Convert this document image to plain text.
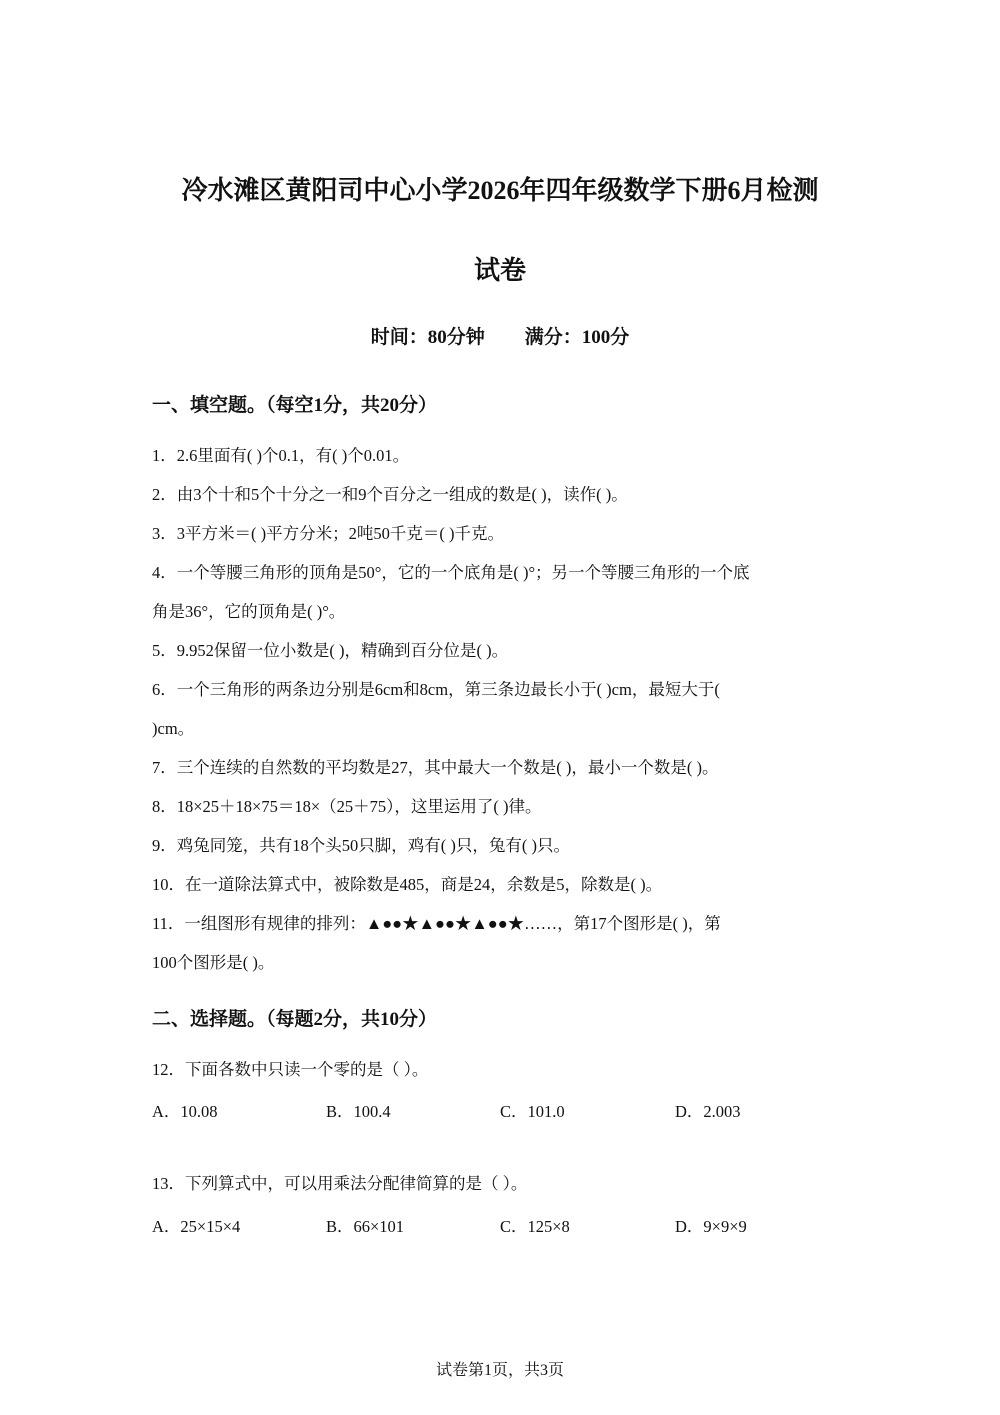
冷水滩区黄阳司中心小学2026年四年级数学下册6月检测
试卷
时间：80分钟 满分：100分
一、填空题。（每空1分，共20分）
1．2.6里面有( )个0.1，有( )个0.01。
2．由3个十和5个十分之一和9个百分之一组成的数是( )，读作( )。
3．3平方米＝( )平方分米；2吨50千克＝( )千克。
4．一个等腰三角形的顶角是50°，它的一个底角是( )°；另一个等腰三角形的一个底
角是36°，它的顶角是( )°。
5．9.952保留一位小数是( )，精确到百分位是( )。
6．一个三角形的两条边分别是6cm和8cm，第三条边最长小于( )cm，最短大于(
)cm。
7．三个连续的自然数的平均数是27，其中最大一个数是( )，最小一个数是( )。
8．18×25＋18×75＝18×（25＋75），这里运用了( )律。
9．鸡兔同笼，共有18个头50只脚，鸡有( )只，兔有( )只。
10．在一道除法算式中，被除数是485，商是24，余数是5，除数是( )。
11．一组图形有规律的排列：▲●●★▲●●★▲●●★……，第17个图形是( )，第
100个图形是( )。
二、选择题。（每题2分，共10分）
12．下面各数中只读一个零的是（ ）。
A．10.08	B．100.4	C．101.0	D．2.003
13．下列算式中，可以用乘法分配律简算的是（ ）。
A．25×15×4	B．66×101	C．125×8	D．9×9×9
试卷第1页，共3页
